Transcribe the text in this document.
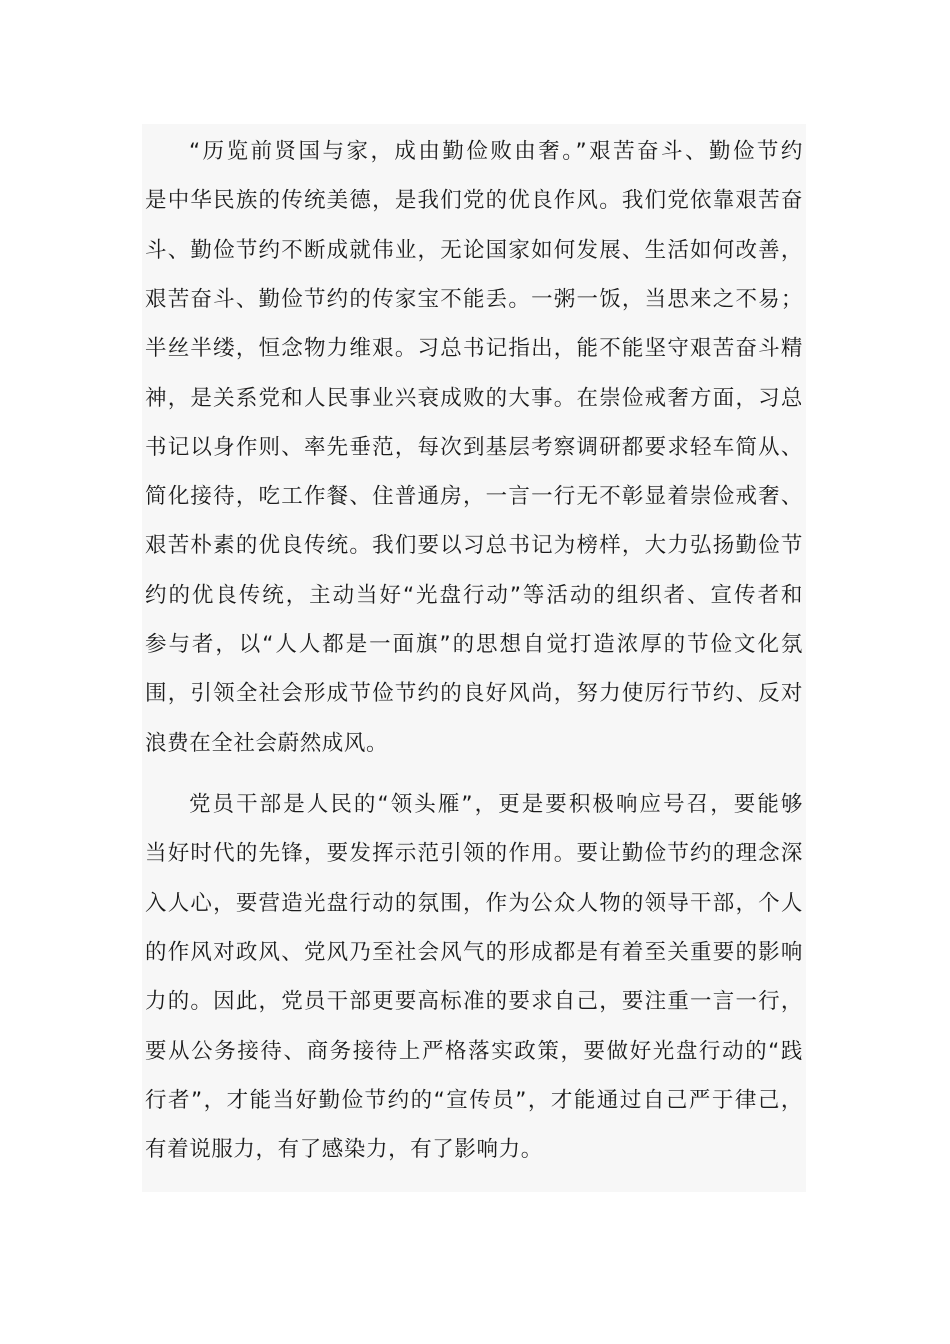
“历览前贤国与家，成由勤俭败由奢。”艰苦奋斗、勤俭节约
是中华民族的传统美德，是我们党的优良作风。我们党依靠艰苦奋
斗、勤俭节约不断成就伟业，无论国家如何发展、生活如何改善，
艰苦奋斗、勤俭节约的传家宝不能丢。一粥一饭，当思来之不易；
半丝半缕，恒念物力维艰。习总书记指出，能不能坚守艰苦奋斗精
神，是关系党和人民事业兴衰成败的大事。在崇俭戒奢方面，习总
书记以身作则、率先垂范，每次到基层考察调研都要求轻车简从、
简化接待，吃工作餐、住普通房，一言一行无不彰显着崇俭戒奢、
艰苦朴素的优良传统。我们要以习总书记为榜样，大力弘扬勤俭节
约的优良传统，主动当好“光盘行动”等活动的组织者、宣传者和
参与者，以“人人都是一面旗”的思想自觉打造浓厚的节俭文化氛
围，引领全社会形成节俭节约的良好风尚，努力使厉行节约、反对
浪费在全社会蔚然成风。
党员干部是人民的“领头雁”，更是要积极响应号召，要能够
当好时代的先锋，要发挥示范引领的作用。要让勤俭节约的理念深
入人心，要营造光盘行动的氛围，作为公众人物的领导干部，个人
的作风对政风、党风乃至社会风气的形成都是有着至关重要的影响
力的。因此，党员干部更要高标准的要求自己，要注重一言一行，
要从公务接待、商务接待上严格落实政策，要做好光盘行动的“践
行者”，才能当好勤俭节约的“宣传员”，才能通过自己严于律己，
有着说服力，有了感染力，有了影响力。
